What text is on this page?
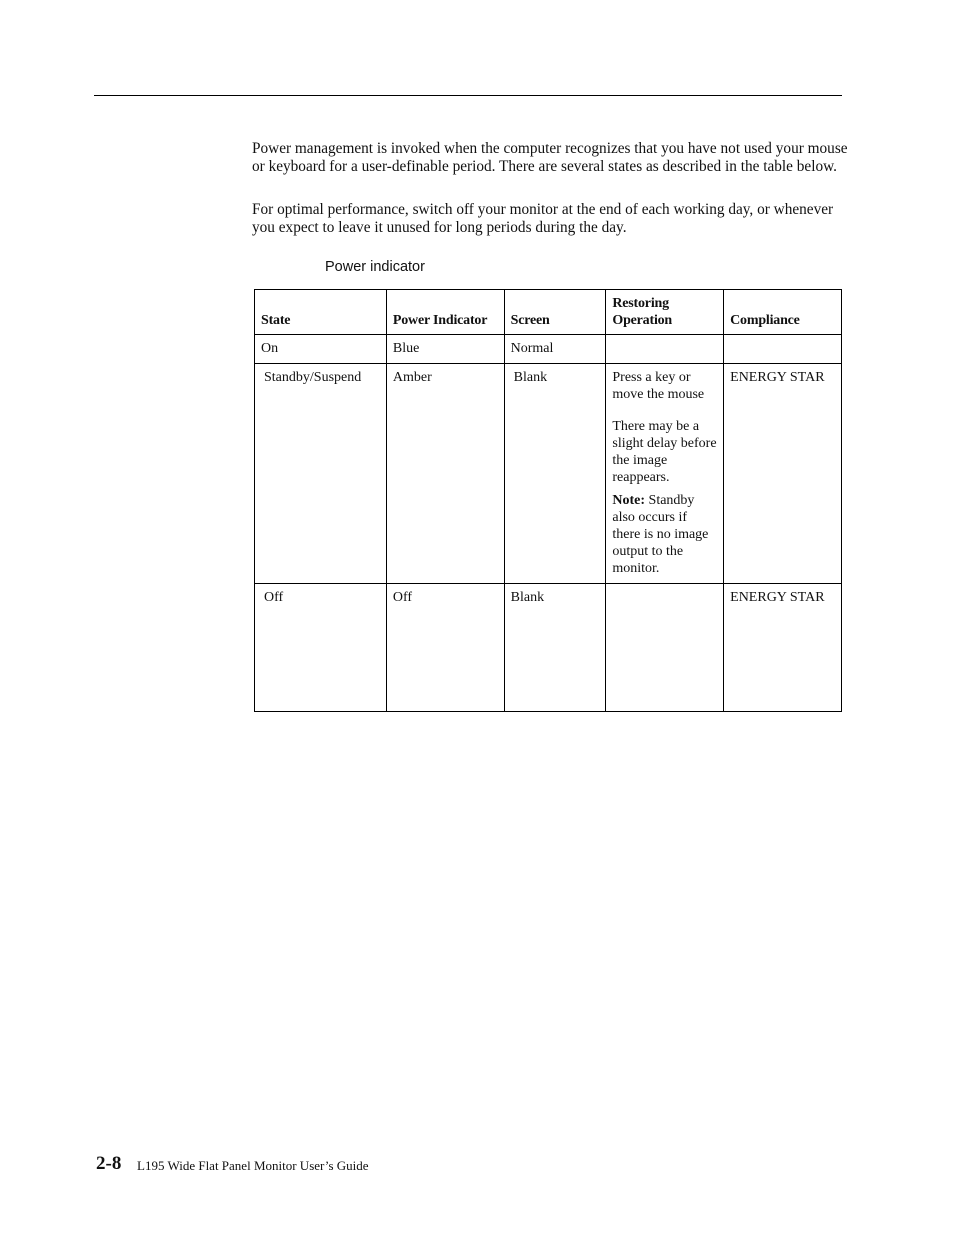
Power management is invoked when the computer recognizes that you have not used your mouse or keyboard for a user-definable period. There are several states as described in the table below.

For optimal performance, switch off your monitor at the end of each working day, or whenever you expect to leave it unused for long periods during the day.

Power indicator
State	Power Indicator	Screen	Restoring Operation	Compliance
On	Blue	Normal		
Standby/Suspend	Amber	Blank	Press a key or move the mouse

There may be a slight delay before the image reappears.

Note: Standby also occurs if there is no image output to the monitor.	ENERGY STAR
Off	Off	Blank		ENERGY STAR
2-8 L195 Wide Flat Panel Monitor User’s Guide
